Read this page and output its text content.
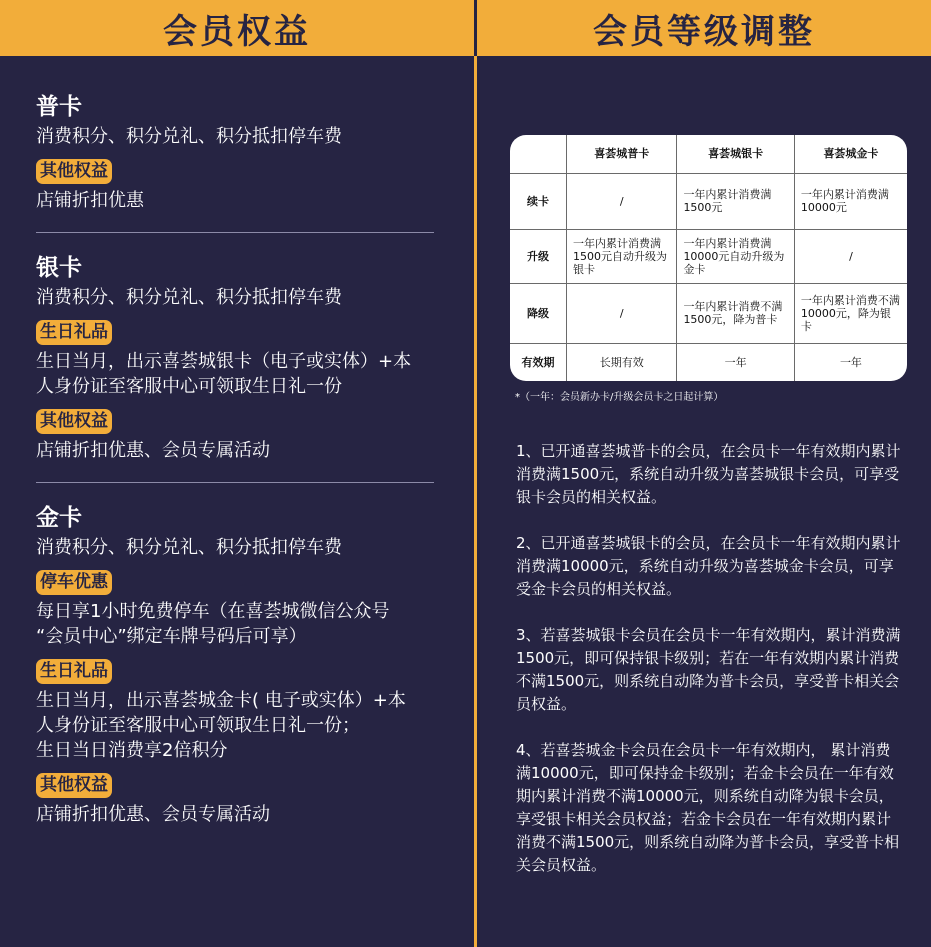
会员权益	会员等级调整
普卡
消费积分、积分兑礼、积分抵扣停车费
其他权益
店铺折扣优惠
银卡
消费积分、积分兑礼、积分抵扣停车费
生日礼品
生日当月，出示喜荟城银卡（电子或实体）+本
人身份证至客服中心可领取生日礼一份
其他权益
店铺折扣优惠、会员专属活动
金卡
消费积分、积分兑礼、积分抵扣停车费
停车优惠
每日享1小时免费停车（在喜荟城微信公众号
“会员中心”绑定车牌号码后可享）
生日礼品
生日当月，出示喜荟城金卡( 电子或实体）+本
人身份证至客服中心可领取生日礼一份；
生日当日消费享2倍积分
其他权益
店铺折扣优惠、会员专属活动
	喜荟城普卡	喜荟城银卡	喜荟城金卡
续卡	/	一年内累计消费满1500元	一年内累计消费满10000元
升级	一年内累计消费满1500元自动升级为银卡	一年内累计消费满10000元自动升级为金卡	/
降级	/	一年内累计消费不满1500元，降为普卡	一年内累计消费不满10000元，降为银卡
有效期	长期有效	一年	一年
*（一年：会员新办卡/升级会员卡之日起计算）
1、已开通喜荟城普卡的会员，在会员卡一年有效期内累计消费满1500元，系统自动升级为喜荟城银卡会员，可享受银卡会员的相关权益。
2、已开通喜荟城银卡的会员，在会员卡一年有效期内累计消费满10000元，系统自动升级为喜荟城金卡会员，可享受金卡会员的相关权益。
3、若喜荟城银卡会员在会员卡一年有效期内，累计消费满1500元，即可保持银卡级别；若在一年有效期内累计消费不满1500元，则系统自动降为普卡会员，享受普卡相关会员权益。
4、若喜荟城金卡会员在会员卡一年有效期内， 累计消费满10000元，即可保持金卡级别；若金卡会员在一年有效期内累计消费不满10000元，则系统自动降为银卡会员，享受银卡相关会员权益；若金卡会员在一年有效期内累计消费不满1500元，则系统自动降为普卡会员，享受普卡相关会员权益。
